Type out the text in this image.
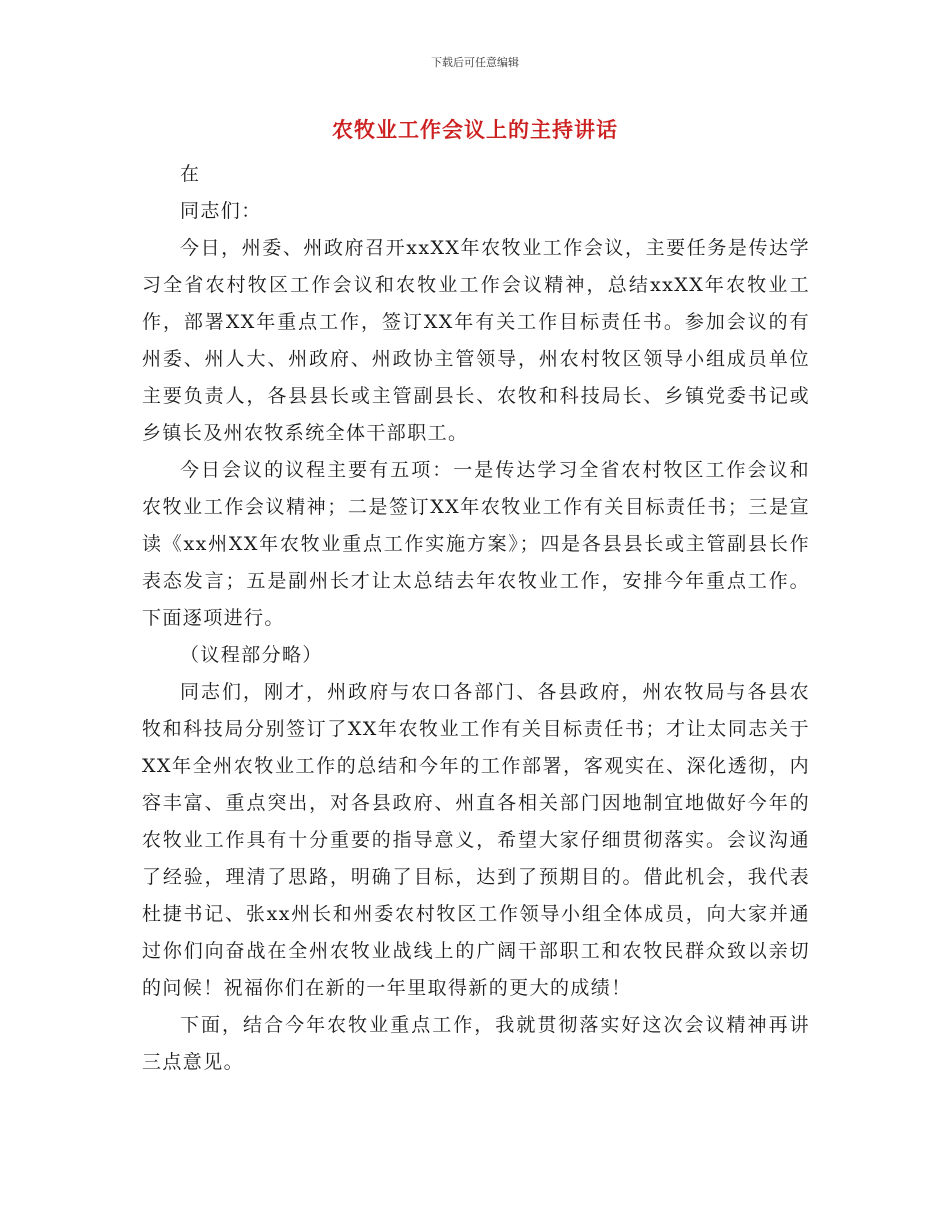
下载后可任意编辑
农牧业工作会议上的主持讲话

在

同志们：

今日，州委、州政府召开xxXX年农牧业工作会议，主要任务是传达学习全省农村牧区工作会议和农牧业工作会议精神，总结xxXX年农牧业工作，部署XX年重点工作，签订XX年有关工作目标责任书。参加会议的有州委、州人大、州政府、州政协主管领导，州农村牧区领导小组成员单位主要负责人，各县县长或主管副县长、农牧和科技局长、乡镇党委书记或乡镇长及州农牧系统全体干部职工。

今日会议的议程主要有五项：一是传达学习全省农村牧区工作会议和农牧业工作会议精神；二是签订XX年农牧业工作有关目标责任书；三是宣读《xx州XX年农牧业重点工作实施方案》；四是各县县长或主管副县长作表态发言；五是副州长才让太总结去年农牧业工作，安排今年重点工作。下面逐项进行。

（议程部分略）

同志们，刚才，州政府与农口各部门、各县政府，州农牧局与各县农牧和科技局分别签订了XX年农牧业工作有关目标责任书；才让太同志关于XX年全州农牧业工作的总结和今年的工作部署，客观实在、深化透彻，内容丰富、重点突出，对各县政府、州直各相关部门因地制宜地做好今年的农牧业工作具有十分重要的指导意义，希望大家仔细贯彻落实。会议沟通了经验，理清了思路，明确了目标，达到了预期目的。借此机会，我代表杜捷书记、张xx州长和州委农村牧区工作领导小组全体成员，向大家并通过你们向奋战在全州农牧业战线上的广阔干部职工和农牧民群众致以亲切的问候！祝福你们在新的一年里取得新的更大的成绩！

下面，结合今年农牧业重点工作，我就贯彻落实好这次会议精神再讲三点意见。
